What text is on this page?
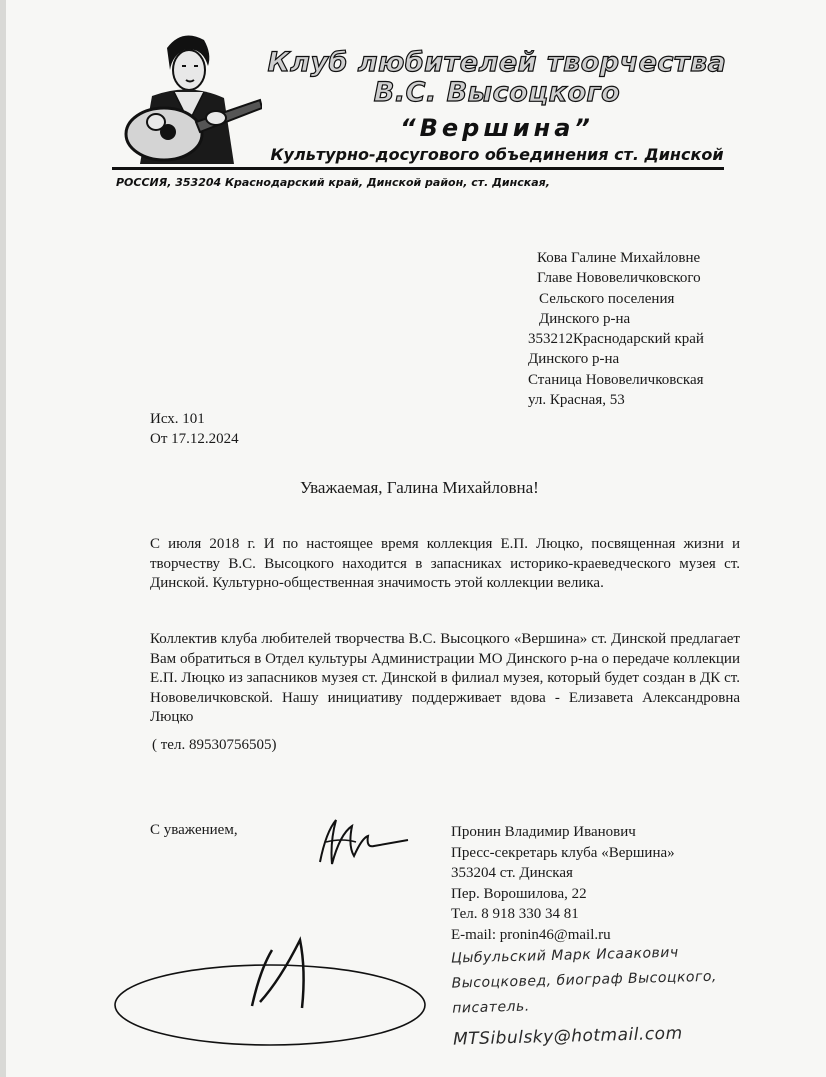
Клуб любителей творчества
В.С. Высоцкого
“Вершина”
Культурно-досугового объединения ст. Динской
РОССИЯ, 353204 Краснодарский край, Динской район, ст. Динская,
Кова Галине Михайловне
Главе Нововеличковского
Сельского поселения
Динского р-на
353212Краснодарский край
Динского р-на
Станица Нововеличковская
ул. Красная, 53
Исх. 101
От 17.12.2024
Уважаемая, Галина Михайловна!
С июля 2018 г. И по настоящее время коллекция Е.П. Люцко, посвященная жизни и творчеству В.С. Высоцкого находится в запасниках историко-краеведческого музея ст. Динской. Культурно-общественная значимость этой коллекции велика.
Коллектив клуба любителей творчества В.С. Высоцкого «Вершина» ст. Динской предлагает Вам обратиться в Отдел культуры Администрации МО Динского р-на о передаче коллекции Е.П. Люцко из запасников музея ст. Динской в филиал музея, который будет создан в ДК ст. Нововеличковской. Нашу инициативу поддерживает вдова - Елизавета Александровна Люцко
( тел. 89530756505)
С уважением,	Пронин Владимир Иванович
Пресс-секретарь клуба «Вершина»
353204 ст. Динская
Пер. Ворошилова, 22
Тел. 8 918 330 34 81
E-mail: pronin46@mail.ru
Цыбульский Марк Исаакович
Высоцковед, биограф Высоцкого,
писатель.
MTSibulsky@hotmail.com
